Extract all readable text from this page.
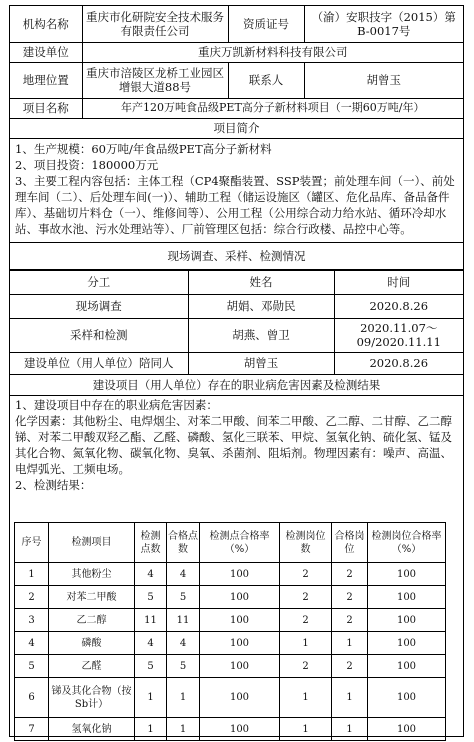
机构名称	重庆市化研院安全技术服务有限责任公司	资质证号	（渝）安职技字（2015）第B-0017号
建设单位	重庆万凯新材料科技有限公司		
地理位置	重庆市涪陵区龙桥工业园区增银大道88号	联系人	胡曾玉
项目名称	年产120万吨食品级PET高分子新材料项目（一期60万吨/年）		
项目简介
1、生产规模：60万吨/年食品级PET高分子新材料
2、项目投资：180000万元
3、主要工程内容包括：主体工程（CP4聚酯装置、SSP装置；前处理车间（一）、前处理车间（二）、后处理车间(一)）、辅助工程（储运设施区（罐区、危化品库、备品备件库）、基础切片料仓（一）、维修间等）、公用工程（公用综合动力给水站、循环冷却水站、事故水池、污水处理站等）、厂前管理区包括：综合行政楼、品控中心等。
现场调查、采样、检测情况
分工	姓名	时间
现场调查	胡娟、邓勋民	2020.8.26
采样和检测	胡燕、曾卫	2020.11.07～09/2020.11.11
建设单位（用人单位）陪同人	胡曾玉	2020.8.26
建设项目（用人单位）存在的职业病危害因素及检测结果
1、建设项目中存在的职业病危害因素：
化学因素：其他粉尘、电焊烟尘、对苯二甲酸、间苯二甲酸、乙二醇、二甘醇、乙二醇锑、对苯二甲酸双羟乙酯、乙醛、磷酸、氢化三联苯、甲烷、氢氧化钠、硫化氢、锰及其化合物、氮氧化物、碳氧化物、臭氧、杀菌剂、阻垢剂。物理因素有：噪声、高温、电焊弧光、工频电场。
2、检测结果：
序号	检测项目	检测点数	合格点数	检测点合格率（%）	检测岗位数	合格岗位	检测岗位合格率（%）
1	其他粉尘	4	4	100	2	2	100
2	对苯二甲酸	5	5	100	2	2	100
3	乙二醇	11	11	100	2	2	100
4	磷酸	4	4	100	1	1	100
5	乙醛	5	5	100	2	2	100
6	锑及其化合物（按Sb计）	1	1	100	1	1	100
7	氢氧化钠	1	1	100	1	1	100
